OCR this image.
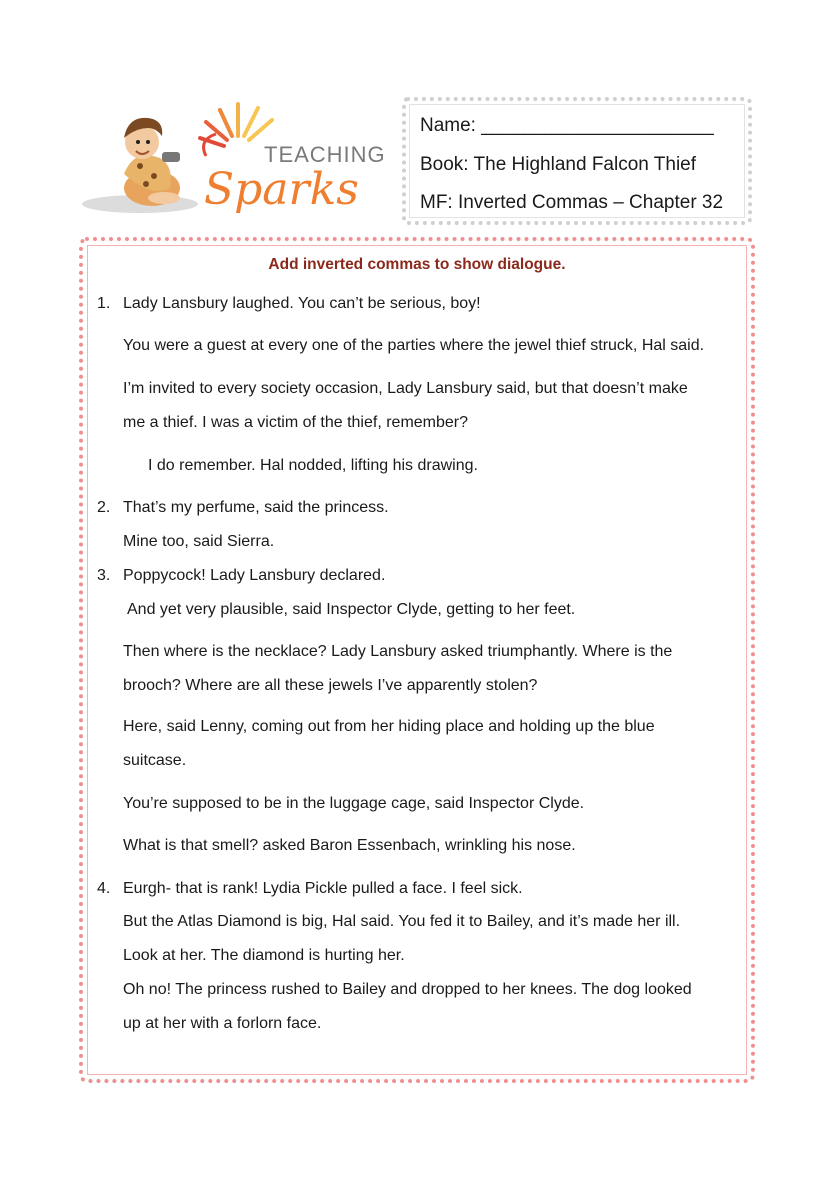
TEACHING
Sparks
Name: ______________________
Book: The Highland Falcon Thief
MF: Inverted Commas – Chapter 32
Add inverted commas to show dialogue.
1. Lady Lansbury laughed. You can’t be serious, boy!
You were a guest at every one of the parties where the jewel thief struck, Hal said.
I’m invited to every society occasion, Lady Lansbury said, but that doesn’t make
me a thief. I was a victim of the thief, remember?
I do remember. Hal nodded, lifting his drawing.
2. That’s my perfume, said the princess.
Mine too, said Sierra.
3. Poppycock! Lady Lansbury declared.
And yet very plausible, said Inspector Clyde, getting to her feet.
Then where is the necklace? Lady Lansbury asked triumphantly. Where is the
brooch? Where are all these jewels I’ve apparently stolen?
Here, said Lenny, coming out from her hiding place and holding up the blue
suitcase.
You’re supposed to be in the luggage cage, said Inspector Clyde.
What is that smell? asked Baron Essenbach, wrinkling his nose.
4. Eurgh- that is rank! Lydia Pickle pulled a face. I feel sick.
But the Atlas Diamond is big, Hal said. You fed it to Bailey, and it’s made her ill.
Look at her. The diamond is hurting her.
Oh no! The princess rushed to Bailey and dropped to her knees. The dog looked
up at her with a forlorn face.
